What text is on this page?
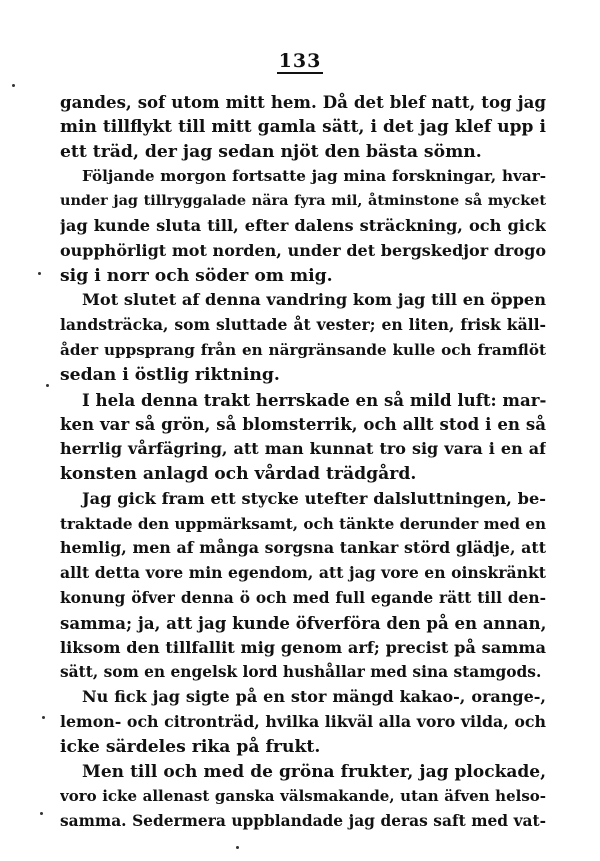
133
gandes, sof utom mitt hem. Då det blef natt, tog jag
min tillflykt till mitt gamla sätt, i det jag klef upp i
ett träd, der jag sedan njöt den bästa sömn.
Följande morgon fortsatte jag mina forskningar, hvar-
under jag tillryggalade nära fyra mil, åtminstone så mycket
jag kunde sluta till, efter dalens sträckning, och gick
oupphörligt mot norden, under det bergskedjor drogo
sig i norr och söder om mig.
Mot slutet af denna vandring kom jag till en öppen
landsträcka, som sluttade åt vester; en liten, frisk käll-
åder uppsprang från en närgränsande kulle och framflöt
sedan i östlig riktning.
I hela denna trakt herrskade en så mild luft: mar-
ken var så grön, så blomsterrik, och allt stod i en så
herrlig vårfägring, att man kunnat tro sig vara i en af
konsten anlagd och vårdad trädgård.
Jag gick fram ett stycke utefter dalsluttningen, be-
traktade den uppmärksamt, och tänkte derunder med en
hemlig, men af många sorgsna tankar störd glädje, att
allt detta vore min egendom, att jag vore en oinskränkt
konung öfver denna ö och med full egande rätt till den-
samma; ja, att jag kunde öfverföra den på en annan,
liksom den tillfallit mig genom arf; precist på samma
sätt, som en engelsk lord hushållar med sina stamgods.
Nu fick jag sigte på en stor mängd kakao-, orange-,
lemon- och citronträd, hvilka likväl alla voro vilda, och
icke särdeles rika på frukt.
Men till och med de gröna frukter, jag plockade,
voro icke allenast ganska välsmakande, utan äfven helso-
samma. Sedermera uppblandade jag deras saft med vat-
